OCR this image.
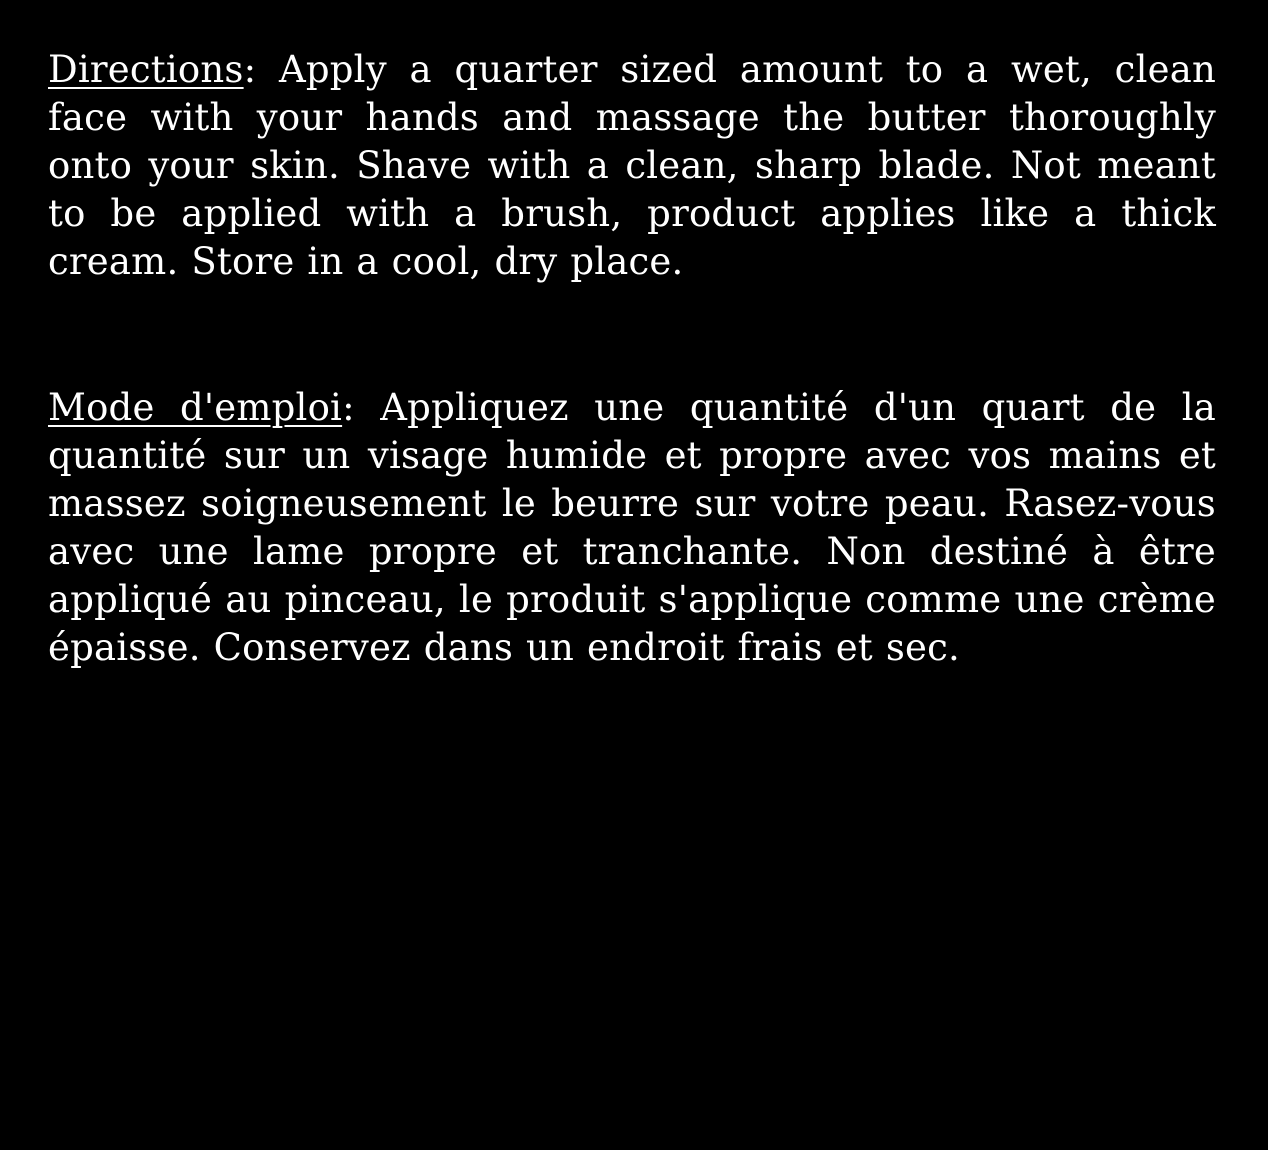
Directions: Apply a quarter sized amount to a wet, clean face with your hands and massage the butter thoroughly onto your skin. Shave with a clean, sharp blade. Not meant to be applied with a brush, product applies like a thick cream. Store in a cool, dry place.

Mode d'emploi: Appliquez une quantité d'un quart de la quantité sur un visage humide et propre avec vos mains et massez soigneusement le beurre sur votre peau. Rasez-vous avec une lame propre et tranchante. Non destiné à être appliqué au pinceau, le produit s'applique comme une crème épaisse. Conservez dans un endroit frais et sec.
